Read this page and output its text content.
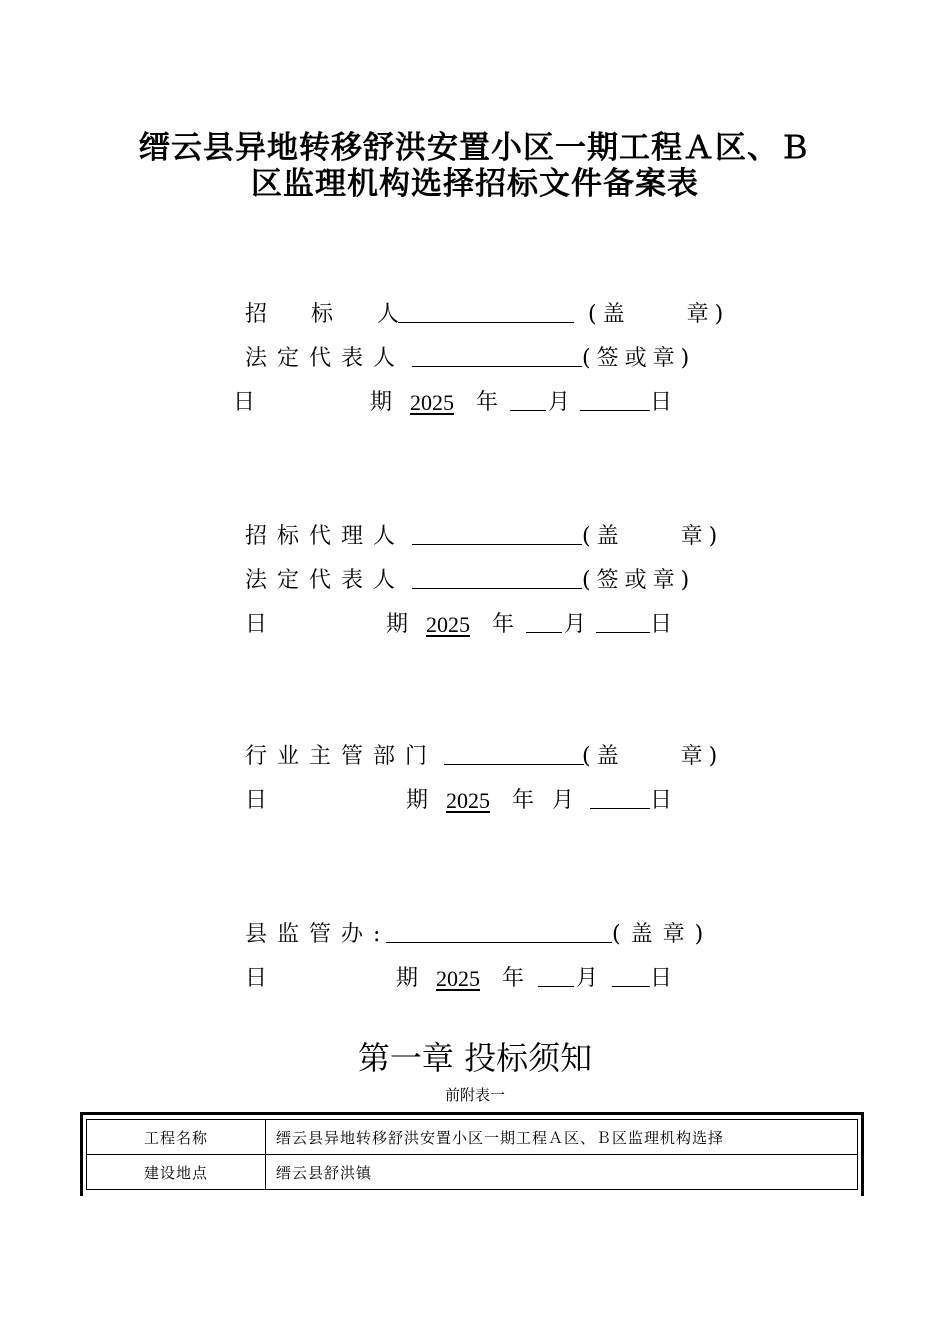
缙云县异地转移舒洪安置小区一期工程Ａ区、Ｂ
区监理机构选择招标文件备案表
招　　标　　人	(盖　　章)
法定代表人	(签或章)
日	期 2025 年 月	日
招标代理人	(盖　　章)
法定代表人	(签或章)
日	期 2025 年 月	日
行业主管部门	(盖　　章)
日	期 2025 年 月	日
县监管办:	(盖章)
日	期 2025 年 月 日
第一章 投标须知
前附表一
工程名称	缙云县异地转移舒洪安置小区一期工程Ａ区、Ｂ区监理机构选择
建设地点	缙云县舒洪镇
